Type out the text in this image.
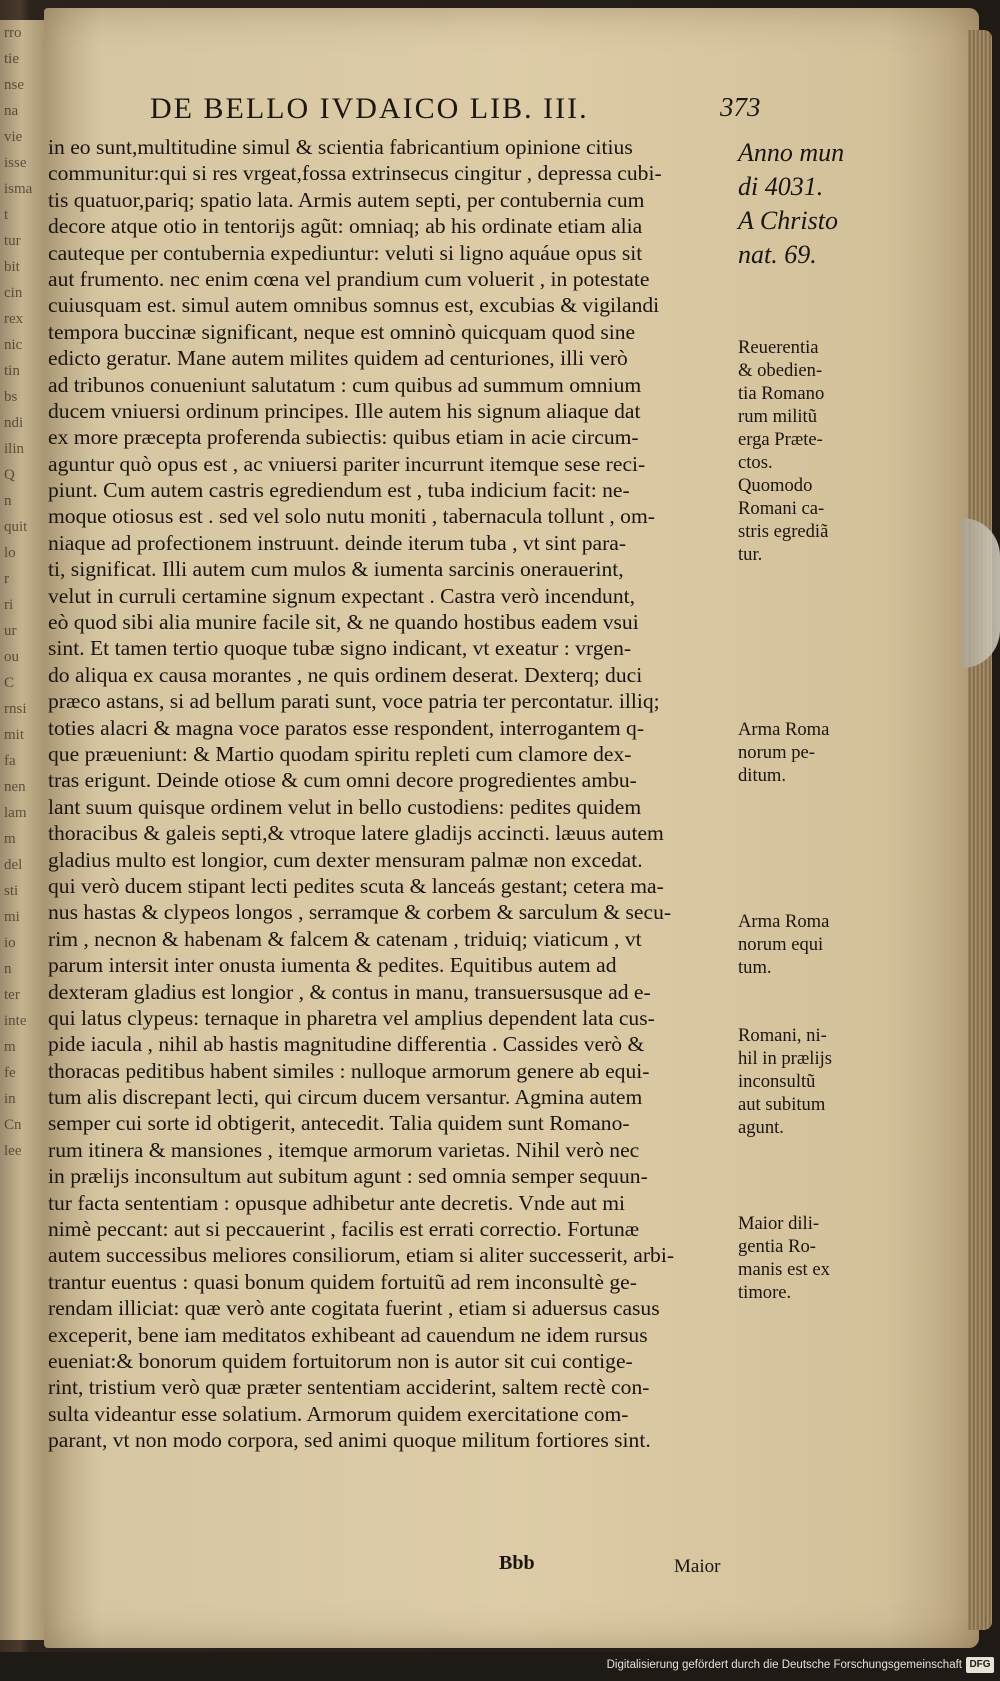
rro
tie
nse
na
vie
isse
isma
t
tur
bit
cin
rex
nic
tin
bs
ndi
ilin
Q
n
quit
lo
r
ri
ur
ou
C
rnsi
mit
fa
nen
lam
m
del
sti
mi
io
n
ter
inte
m
fe
in
Cn
lee
DE BELLO IVDAICO LIB. III.	373
in eo sunt,multitudine simul & scientia fabricantium opinione citius
communitur:qui si res vrgeat,fossa extrinsecus cingitur , depressa cubi-
tis quatuor,pariq; spatio lata. Armis autem septi, per contubernia cum
decore atque otio in tentorijs agũt: omniaq; ab his ordinate etiam alia
cauteque per contubernia expediuntur: veluti si ligno aquáue opus sit
aut frumento. nec enim cœna vel prandium cum voluerit , in potestate
cuiusquam est. simul autem omnibus somnus est, excubias & vigilandi
tempora buccinæ significant, neque est omninò quicquam quod sine
edicto geratur. Mane autem milites quidem ad centuriones, illi verò
ad tribunos conueniunt salutatum : cum quibus ad summum omnium
ducem vniuersi ordinum principes. Ille autem his signum aliaque dat
ex more præcepta proferenda subiectis: quibus etiam in acie circum-
aguntur quò opus est , ac vniuersi pariter incurrunt itemque sese reci-
piunt. Cum autem castris egrediendum est , tuba indicium facit: ne-
moque otiosus est . sed vel solo nutu moniti , tabernacula tollunt , om-
niaque ad profectionem instruunt. deinde iterum tuba , vt sint para-
ti, significat. Illi autem cum mulos & iumenta sarcinis onerauerint,
velut in curruli certamine signum expectant . Castra verò incendunt,
eò quod sibi alia munire facile sit, & ne quando hostibus eadem vsui
sint. Et tamen tertio quoque tubæ signo indicant, vt exeatur : vrgen-
do aliqua ex causa morantes , ne quis ordinem deserat. Dexterq; duci
præco astans, si ad bellum parati sunt, voce patria ter percontatur. illiq;
toties alacri & magna voce paratos esse respondent, interrogantem q-
que præueniunt: & Martio quodam spiritu repleti cum clamore dex-
tras erigunt. Deinde otiose & cum omni decore progredientes ambu-
lant suum quisque ordinem velut in bello custodiens: pedites quidem
thoracibus & galeis septi,& vtroque latere gladijs accincti. læuus autem
gladius multo est longior, cum dexter mensuram palmæ non excedat.
qui verò ducem stipant lecti pedites scuta & lanceás gestant; cetera ma-
nus hastas & clypeos longos , serramque & corbem & sarculum & secu-
rim , necnon & habenam & falcem & catenam , triduiq; viaticum , vt
parum intersit inter onusta iumenta & pedites. Equitibus autem ad
dexteram gladius est longior , & contus in manu, transuersusque ad e-
qui latus clypeus: ternaque in pharetra vel amplius dependent lata cus-
pide iacula , nihil ab hastis magnitudine differentia . Cassides verò &
thoracas peditibus habent similes : nulloque armorum genere ab equi-
tum alis discrepant lecti, qui circum ducem versantur. Agmina autem
semper cui sorte id obtigerit, antecedit. Talia quidem sunt Romano-
rum itinera & mansiones , itemque armorum varietas. Nihil verò nec
in prælijs inconsultum aut subitum agunt : sed omnia semper sequun-
tur facta sententiam : opusque adhibetur ante decretis. Vnde aut mi
nimè peccant: aut si peccauerint , facilis est errati correctio. Fortunæ
autem successibus meliores consiliorum, etiam si aliter successerit, arbi-
trantur euentus : quasi bonum quidem fortuitũ ad rem inconsultè ge-
rendam illiciat: quæ verò ante cogitata fuerint , etiam si aduersus casus
exceperit, bene iam meditatos exhibeant ad cauendum ne idem rursus
eueniat:& bonorum quidem fortuitorum non is autor sit cui contige-
rint, tristium verò quæ præter sententiam acciderint, saltem rectè con-
sulta videantur esse solatium. Armorum quidem exercitatione com-
parant, vt non modo corpora, sed animi quoque militum fortiores sint.
Anno mun
di 4031.
A Christo
nat. 69.
Reuerentia
& obedien-
tia Romano
rum militũ
erga Præte-
ctos.
Quomodo
Romani ca-
stris egrediã
tur.
Arma Roma
norum pe-
ditum.
Arma Roma
norum equi
tum.
Romani, ni-
hil in prælijs
inconsultũ
aut subitum
agunt.
Maior dili-
gentia Ro-
manis est ex
timore.
Bbb	Maior
Digitalisierung gefördert durch die Deutsche Forschungsgemeinschaft DFG
